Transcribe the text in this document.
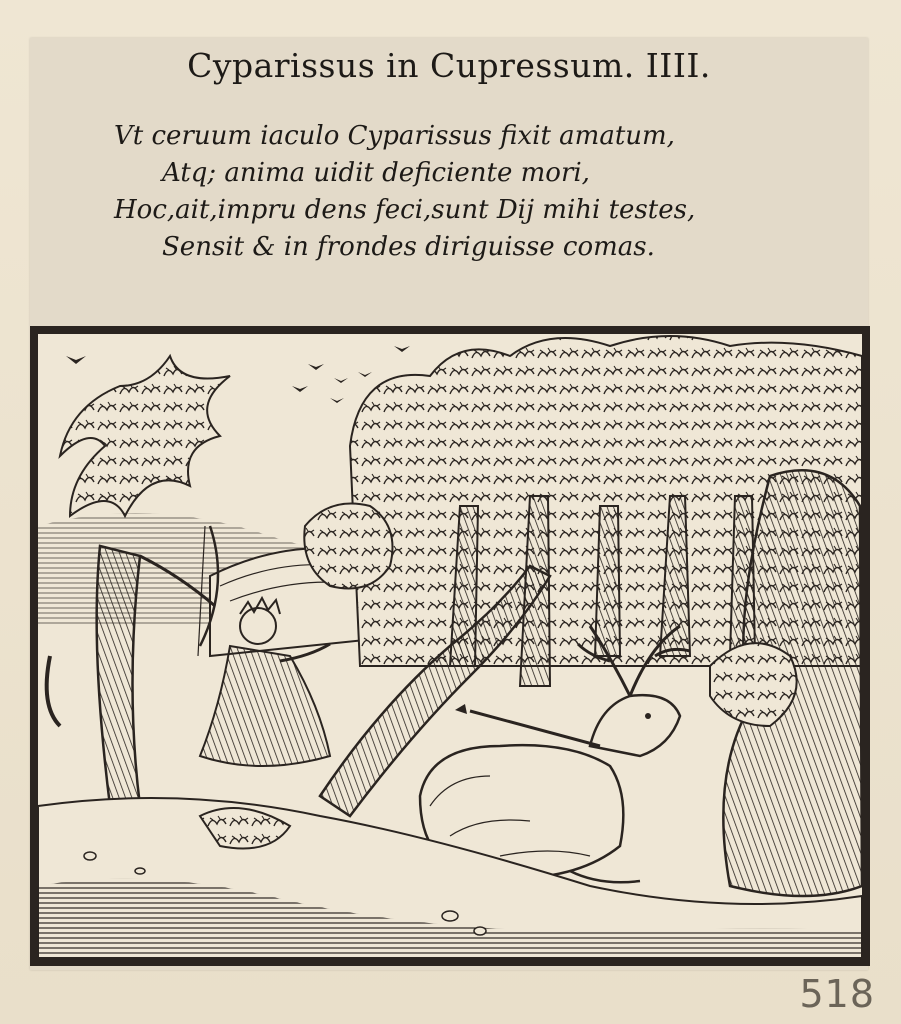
Cyparissus in Cupressum. IIII.
Vt ceruum iaculo Cyparissus fixit amatum,
Atq; anima uidit deficiente mori,
Hoc,ait,impru dens feci,sunt Dij mihi testes,
Sensit & in frondes diriguisse comas.
518
